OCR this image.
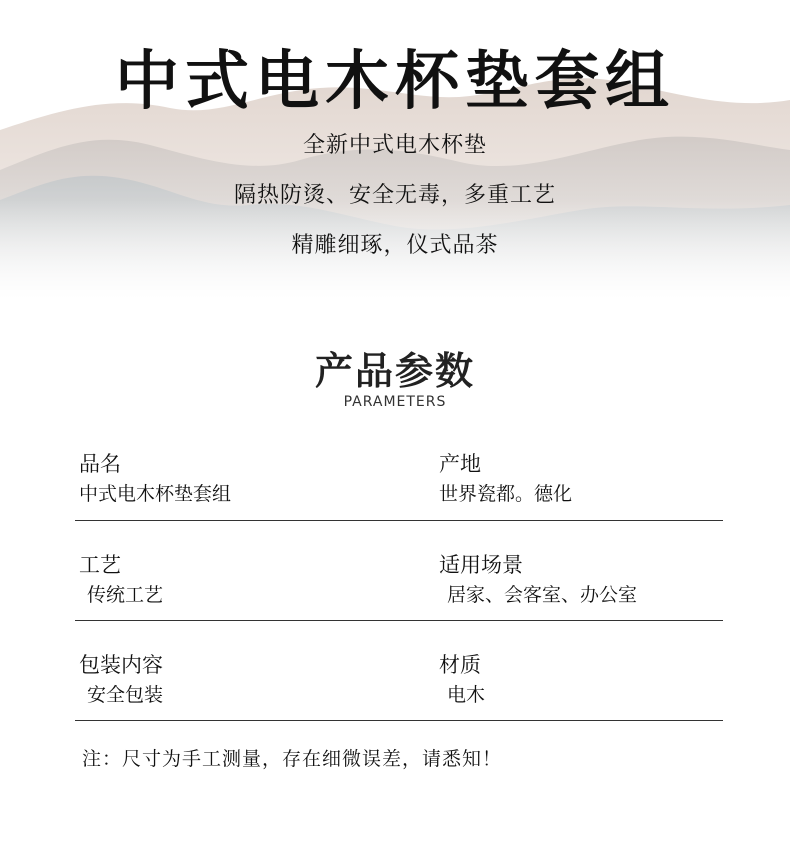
中式电木杯垫套组
全新中式电木杯垫
隔热防烫、安全无毒，多重工艺
精雕细琢，仪式品茶
产品参数
PARAMETERS
品名
中式电木杯垫套组
产地
世界瓷都。德化
工艺
传统工艺
适用场景
居家、会客室、办公室
包装内容
安全包装
材质
电木
注：尺寸为手工测量，存在细微误差，请悉知！
